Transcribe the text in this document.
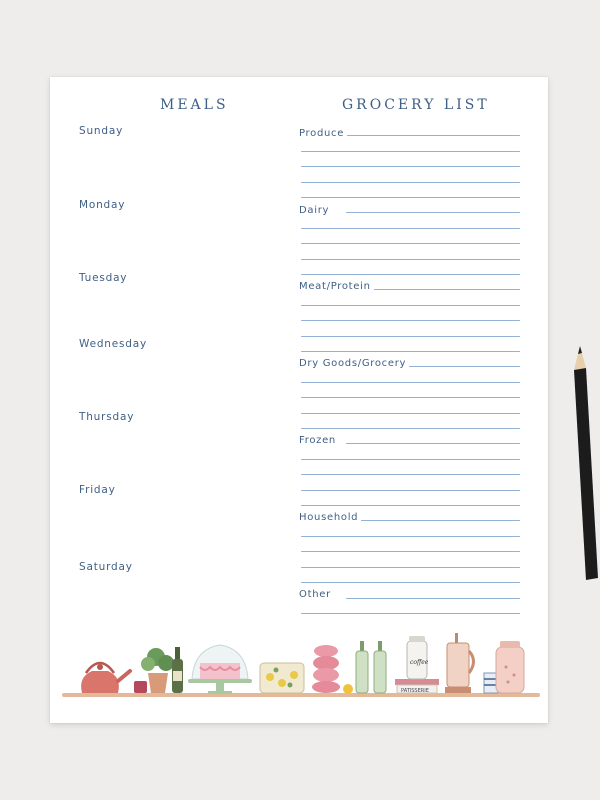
MEALS	GROCERY LIST
Sunday
Monday
Tuesday
Wednesday
Thursday
Friday
Saturday
Produce
Dairy
Meat/Protein
Dry Goods/Grocery
Frozen
Household
Other
PATISSERIE
coffee
